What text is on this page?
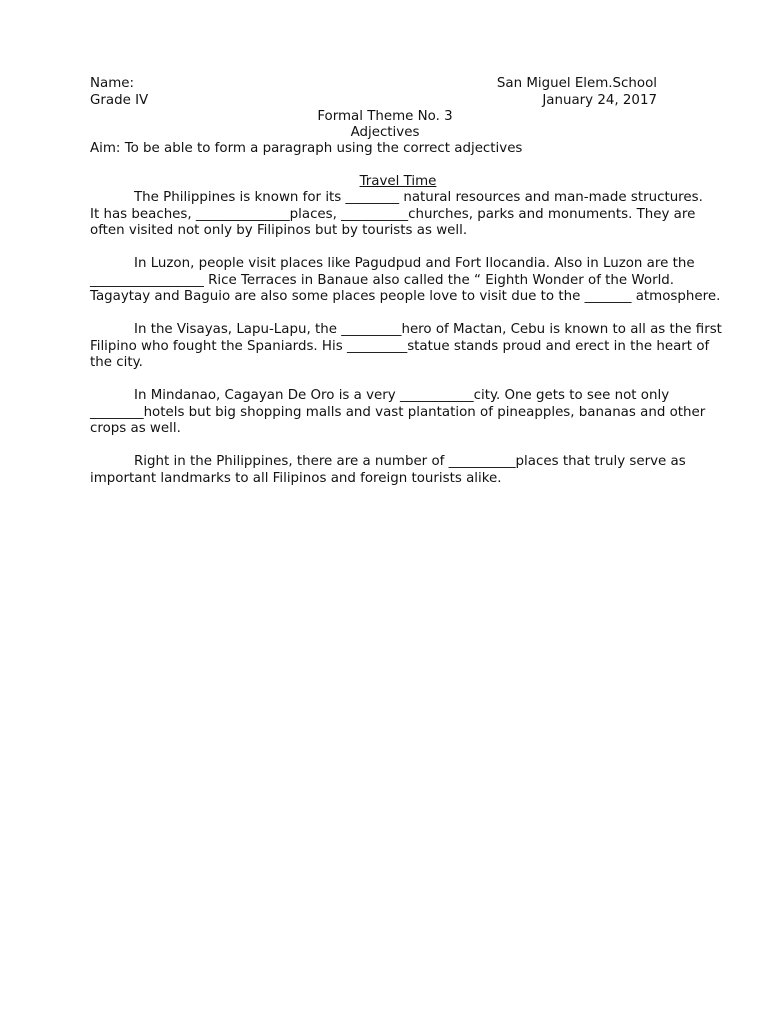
Name:	San Miguel Elem.School
Grade IV	January 24, 2017
Formal Theme No. 3
Adjectives
Aim: To be able to form a paragraph using the correct adjectives
Travel Time

The Philippines is known for its ________ natural resources and man-made structures.

It has beaches, ______________places, __________churches, parks and monuments. They are

often visited not only by Filipinos but by tourists as well.

In Luzon, people visit places like Pagudpud and Fort Ilocandia. Also in Luzon are the

_________________ Rice Terraces in Banaue also called the “ Eighth Wonder of the World.

Tagaytay and Baguio are also some places people love to visit due to the _______ atmosphere.

In the Visayas, Lapu-Lapu, the _________hero of Mactan, Cebu is known to all as the first

Filipino who fought the Spaniards. His _________statue stands proud and erect in the heart of

the city.

In Mindanao, Cagayan De Oro is a very ___________city. One gets to see not only

________hotels but big shopping malls and vast plantation of pineapples, bananas and other

crops as well.

Right in the Philippines, there are a number of __________places that truly serve as

important landmarks to all Filipinos and foreign tourists alike.
